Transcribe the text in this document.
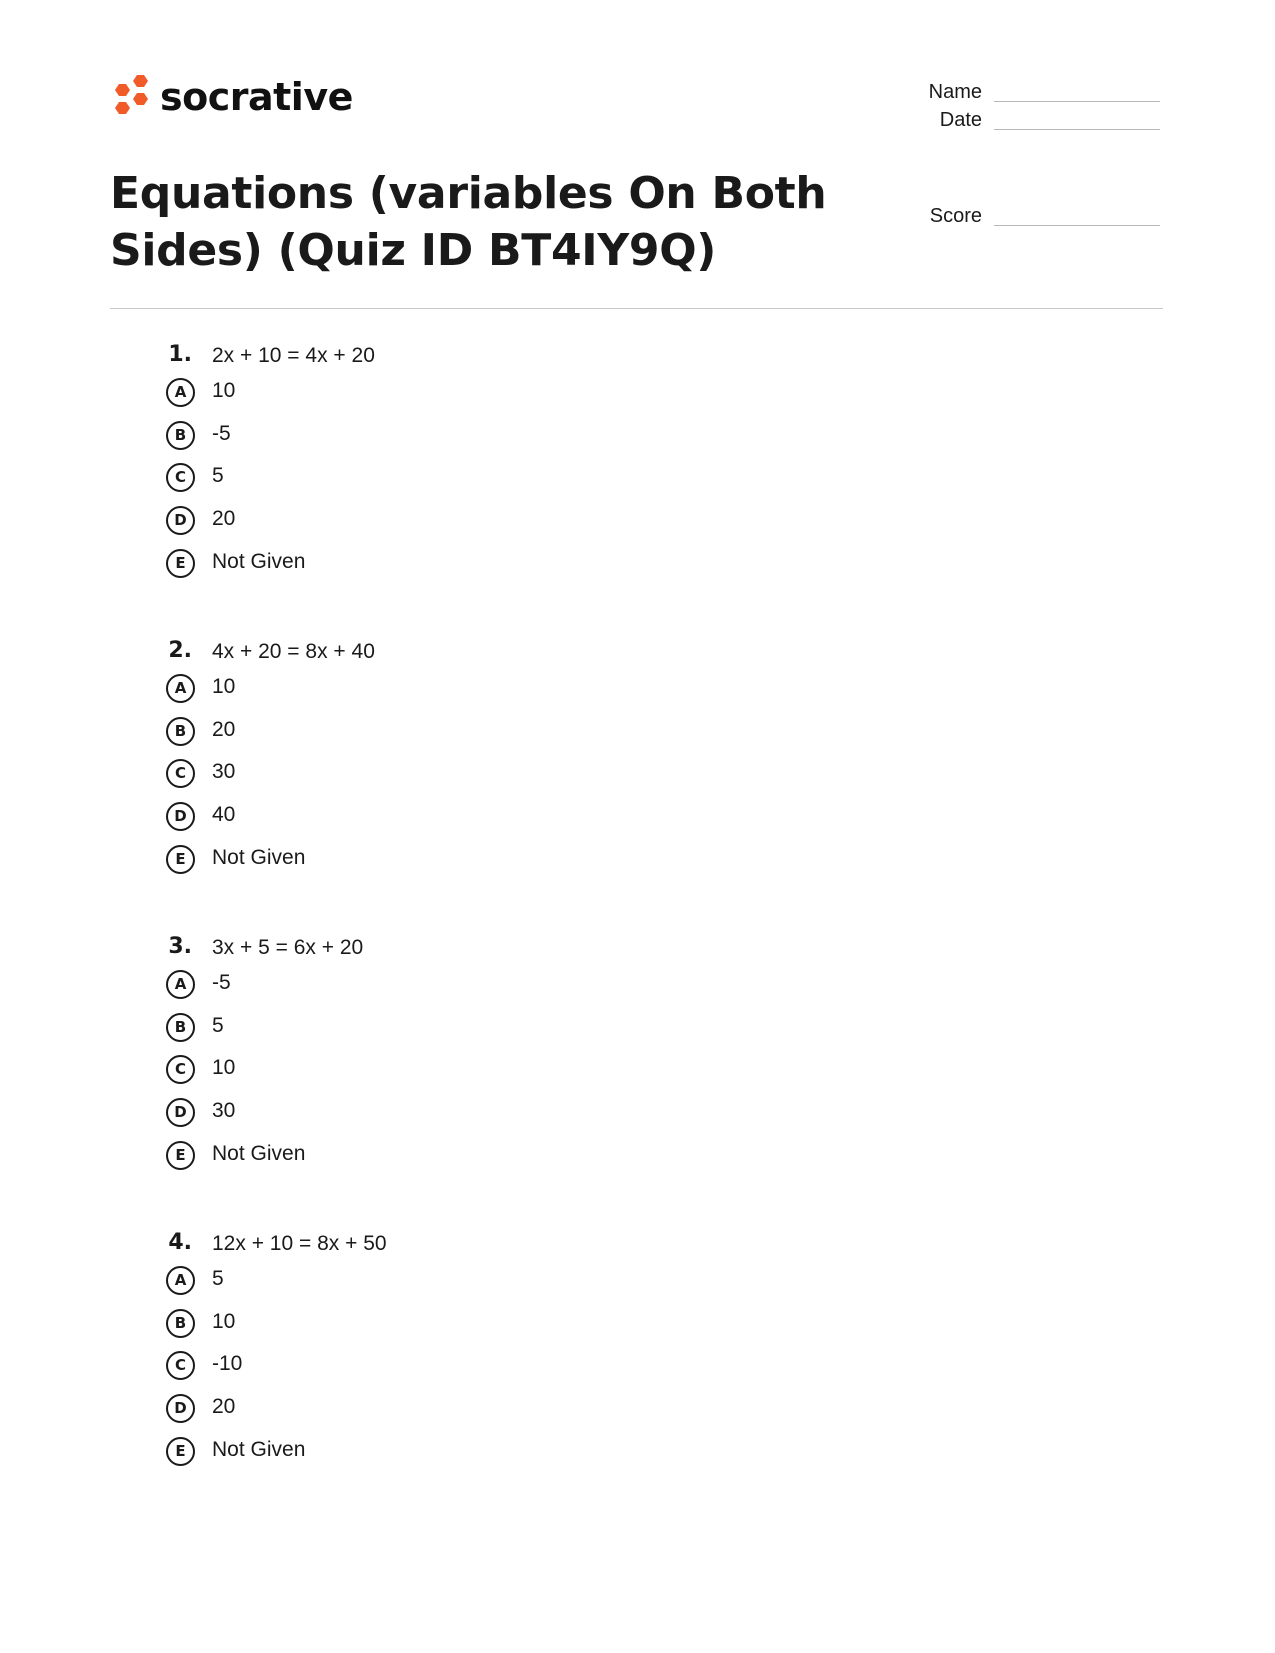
socrative	Name
Date
Score
Equations (variables On Both Sides) (Quiz ID BT4IY9Q)
1. 2x + 10 = 4x + 20
A	10
B	-5
C	5
D	20
E	Not Given
2. 4x + 20 = 8x + 40
A	10
B	20
C	30
D	40
E	Not Given
3. 3x + 5 = 6x + 20
A	-5
B	5
C	10
D	30
E	Not Given
4. 12x + 10 = 8x + 50
A	5
B	10
C	-10
D	20
E	Not Given
